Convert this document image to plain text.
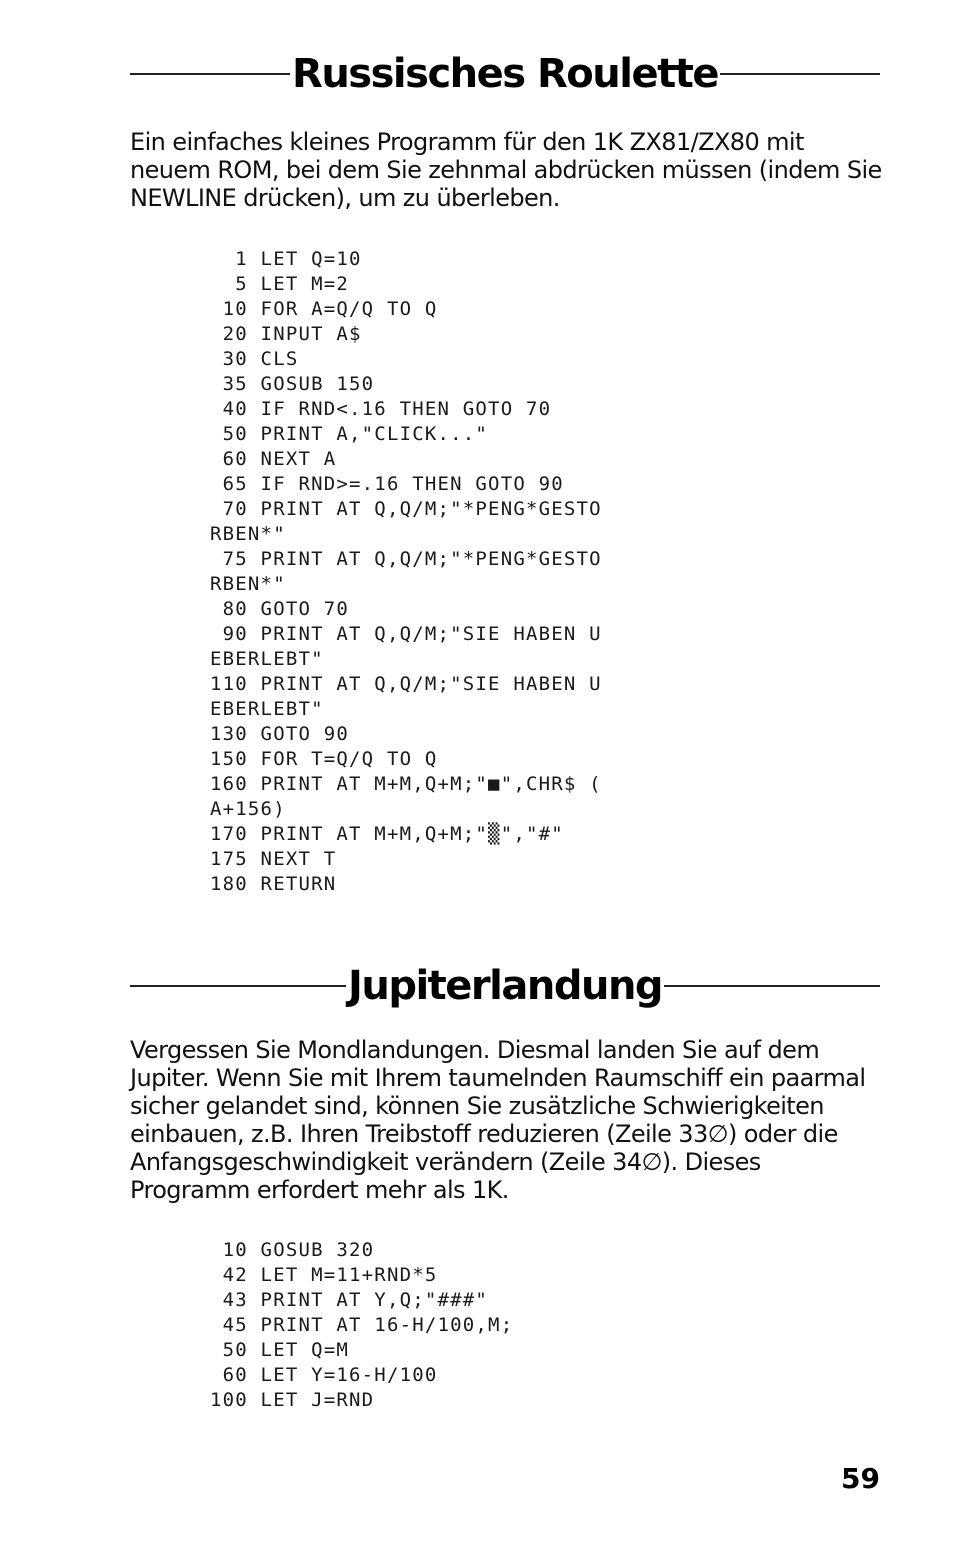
Russisches Roulette

Ein einfaches kleines Programm für den 1K ZX81/ZX80 mit neuem ROM, bei dem Sie zehnmal abdrücken müssen (indem Sie NEWLINE drücken), um zu überleben.

1 LET Q=10
5 LET M=2
10 FOR A=Q/Q TO Q
20 INPUT A$
30 CLS
35 GOSUB 150
40 IF RND<.16 THEN GOTO 70
50 PRINT A,"CLICK..."
60 NEXT A
65 IF RND>=.16 THEN GOTO 90
70 PRINT AT Q,Q/M;"*PENG*GESTO
RBEN*"
75 PRINT AT Q,Q/M;"*PENG*GESTO
RBEN*"
80 GOTO 70
90 PRINT AT Q,Q/M;"SIE HABEN U
EBERLEBT"
110 PRINT AT Q,Q/M;"SIE HABEN U
EBERLEBT"
130 GOTO 90
150 FOR T=Q/Q TO Q
160 PRINT AT M+M,Q+M;"■",CHR$ (
A+156)
170 PRINT AT M+M,Q+M;"▒","#"
175 NEXT T
180 RETURN
Jupiterlandung

Vergessen Sie Mondlandungen. Diesmal landen Sie auf dem Jupiter. Wenn Sie mit Ihrem taumelnden Raumschiff ein paarmal sicher gelandet sind, können Sie zusätzliche Schwierigkeiten einbauen, z.B. Ihren Treibstoff reduzieren (Zeile 33∅) oder die Anfangsgeschwindigkeit verändern (Zeile 34∅). Dieses Programm erfordert mehr als 1K.

10 GOSUB 320
42 LET M=11+RND*5
43 PRINT AT Y,Q;"###"
45 PRINT AT 16-H/100,M;
50 LET Q=M
60 LET Y=16-H/100
100 LET J=RND
59
